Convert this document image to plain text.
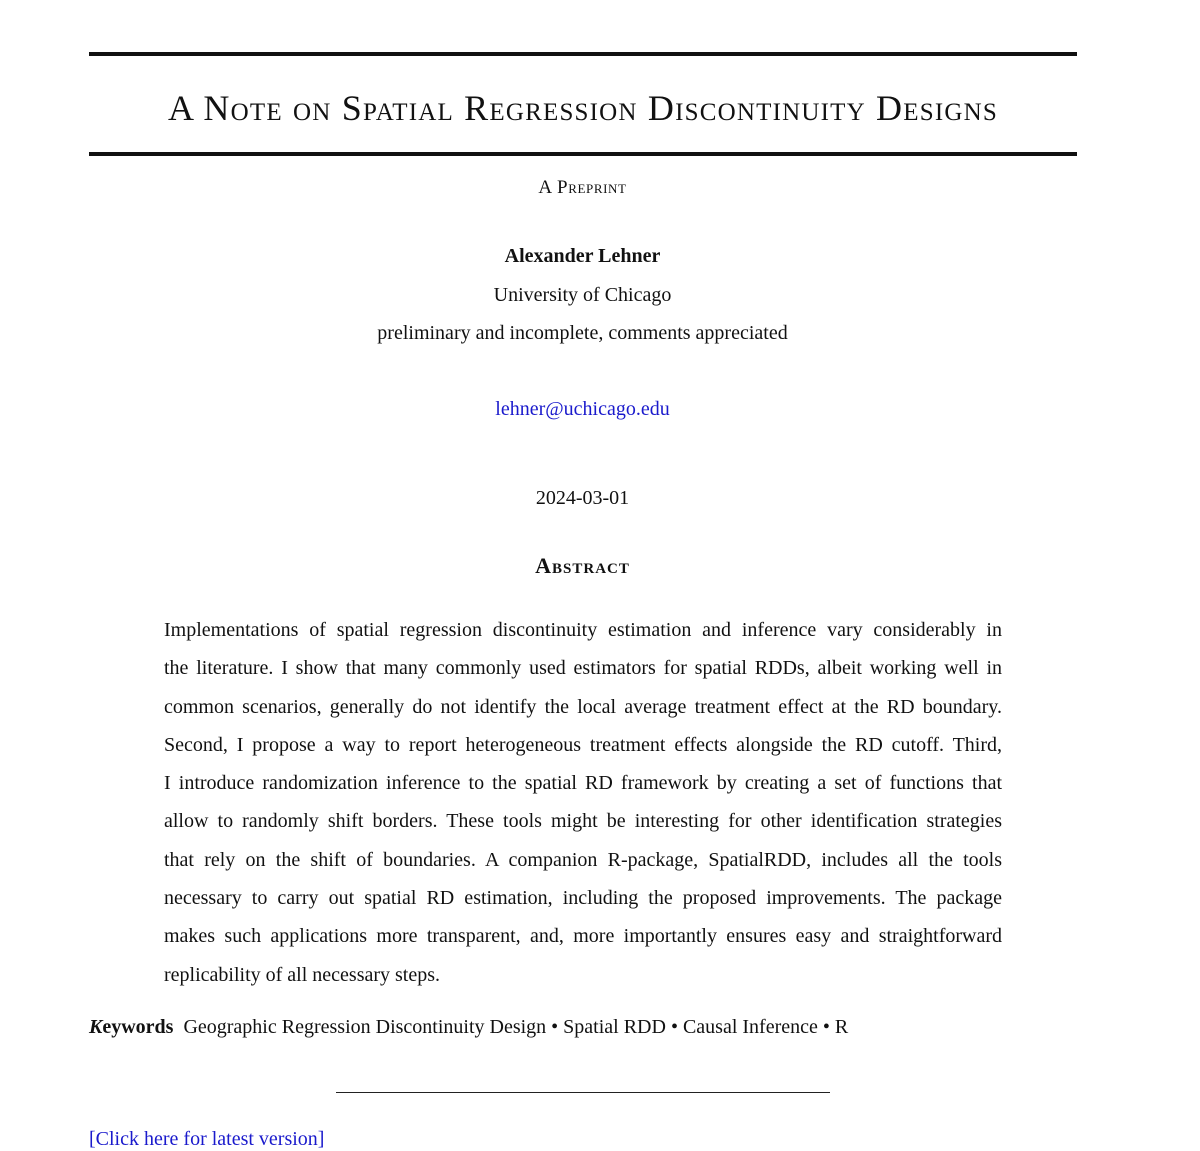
A Note on Spatial Regression Discontinuity Designs
A Preprint
Alexander Lehner
University of Chicago
preliminary and incomplete, comments appreciated
lehner@uchicago.edu
2024-03-01
Abstract
Implementations of spatial regression discontinuity estimation and inference vary considerably in
the literature. I show that many commonly used estimators for spatial RDDs, albeit working well in
common scenarios, generally do not identify the local average treatment effect at the RD boundary.
Second, I propose a way to report heterogeneous treatment effects alongside the RD cutoff. Third,
I introduce randomization inference to the spatial RD framework by creating a set of functions that
allow to randomly shift borders. These tools might be interesting for other identification strategies
that rely on the shift of boundaries. A companion R-package, SpatialRDD, includes all the tools
necessary to carry out spatial RD estimation, including the proposed improvements. The package
makes such applications more transparent, and, more importantly ensures easy and straightforward
replicability of all necessary steps.
Keywords Geographic Regression Discontinuity Design • Spatial RDD • Causal Inference • R
[Click here for latest version]
